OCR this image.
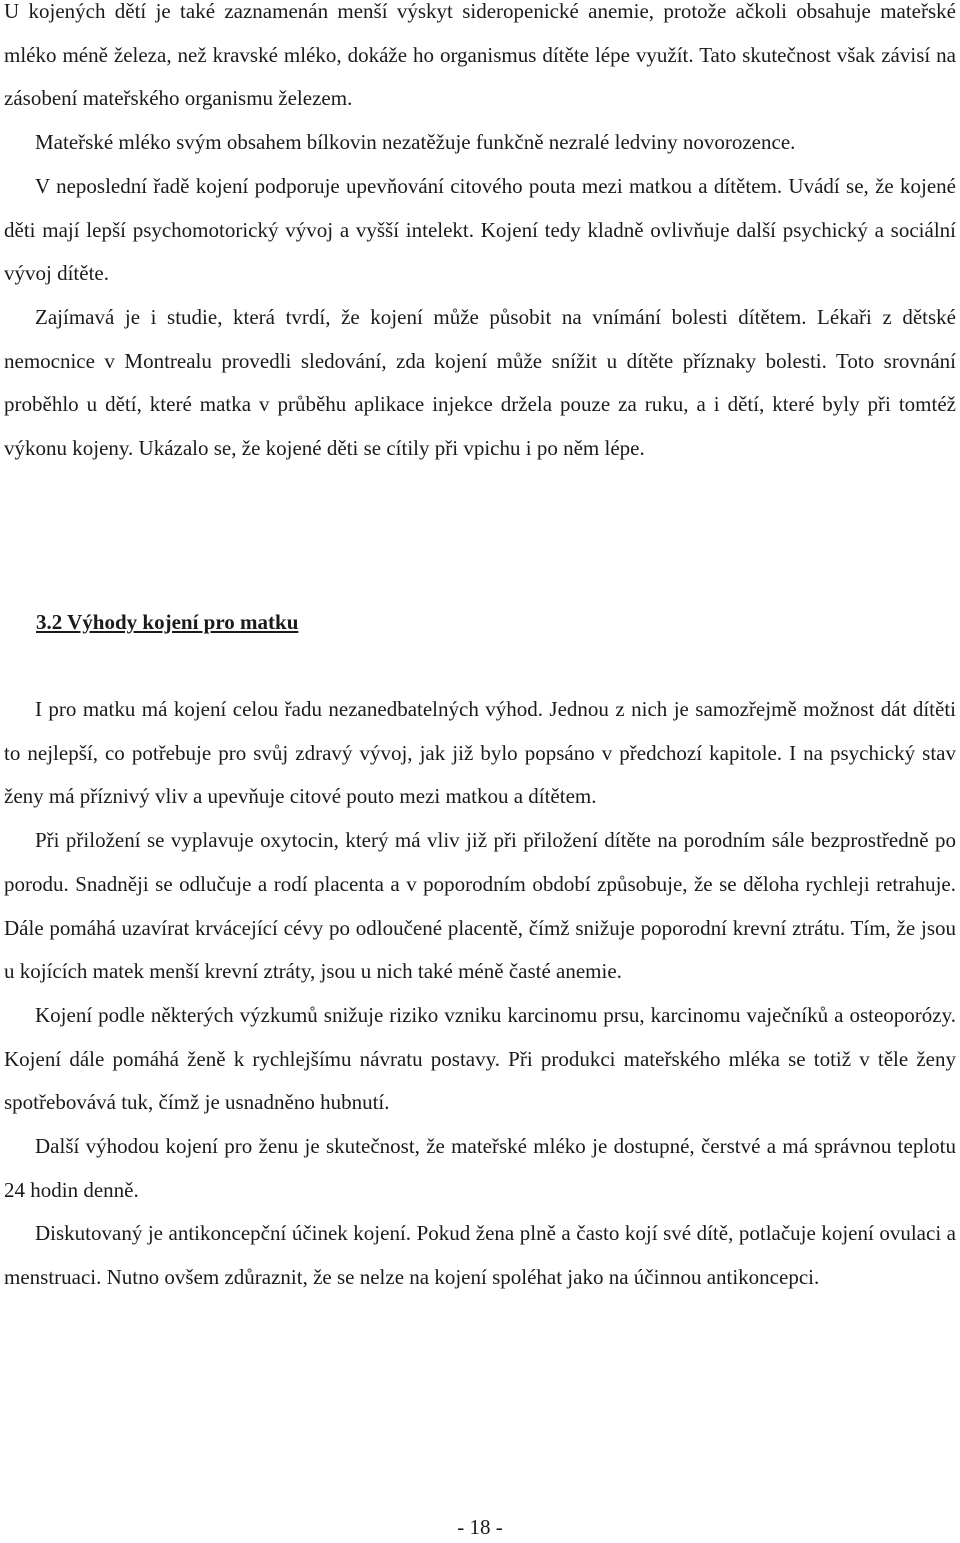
U kojených dětí je také zaznamenán menší výskyt sideropenické anemie, protože ačkoli obsahuje mateřské mléko méně železa, než kravské mléko, dokáže ho organismus dítěte lépe využít. Tato skutečnost však závisí na zásobení mateřského organismu železem.

Mateřské mléko svým obsahem bílkovin nezatěžuje funkčně nezralé ledviny novorozence.

V neposlední řadě kojení podporuje upevňování citového pouta mezi matkou a dítětem. Uvádí se, že kojené děti mají lepší psychomotorický vývoj a vyšší intelekt. Kojení tedy kladně ovlivňuje další psychický a sociální vývoj dítěte.

Zajímavá je i studie, která tvrdí, že kojení může působit na vnímání bolesti dítětem. Lékaři z dětské nemocnice v Montrealu provedli sledování, zda kojení může snížit u dítěte příznaky bolesti. Toto srovnání proběhlo u dětí, které matka v průběhu aplikace injekce držela pouze za ruku, a i dětí, které byly při tomtéž výkonu kojeny. Ukázalo se, že kojené děti se cítily při vpichu i po něm lépe.

3.2 Výhody kojení pro matku

I pro matku má kojení celou řadu nezanedbatelných výhod. Jednou z nich je samozřejmě možnost dát dítěti to nejlepší, co potřebuje pro svůj zdravý vývoj, jak již bylo popsáno v předchozí kapitole. I na psychický stav ženy má příznivý vliv a upevňuje citové pouto mezi matkou a dítětem.

Při přiložení se vyplavuje oxytocin, který má vliv již při přiložení dítěte na porodním sále bezprostředně po porodu. Snadněji se odlučuje a rodí placenta a v poporodním období způsobuje, že se děloha rychleji retrahuje. Dále pomáhá uzavírat krvácející cévy po odloučené placentě, čímž snižuje poporodní krevní ztrátu. Tím, že jsou u kojících matek menší krevní ztráty, jsou u nich také méně časté anemie.

Kojení podle některých výzkumů snižuje riziko vzniku karcinomu prsu, karcinomu vaječníků a osteoporózy. Kojení dále pomáhá ženě k rychlejšímu návratu postavy. Při produkci mateřského mléka se totiž v těle ženy spotřebovává tuk, čímž je usnadněno hubnutí.

Další výhodou kojení pro ženu je skutečnost, že mateřské mléko je dostupné, čerstvé a má správnou teplotu 24 hodin denně.

Diskutovaný je antikoncepční účinek kojení. Pokud žena plně a často kojí své dítě, potlačuje kojení ovulaci a menstruaci. Nutno ovšem zdůraznit, že se nelze na kojení spoléhat jako na účinnou antikoncepci.

- 18 -
